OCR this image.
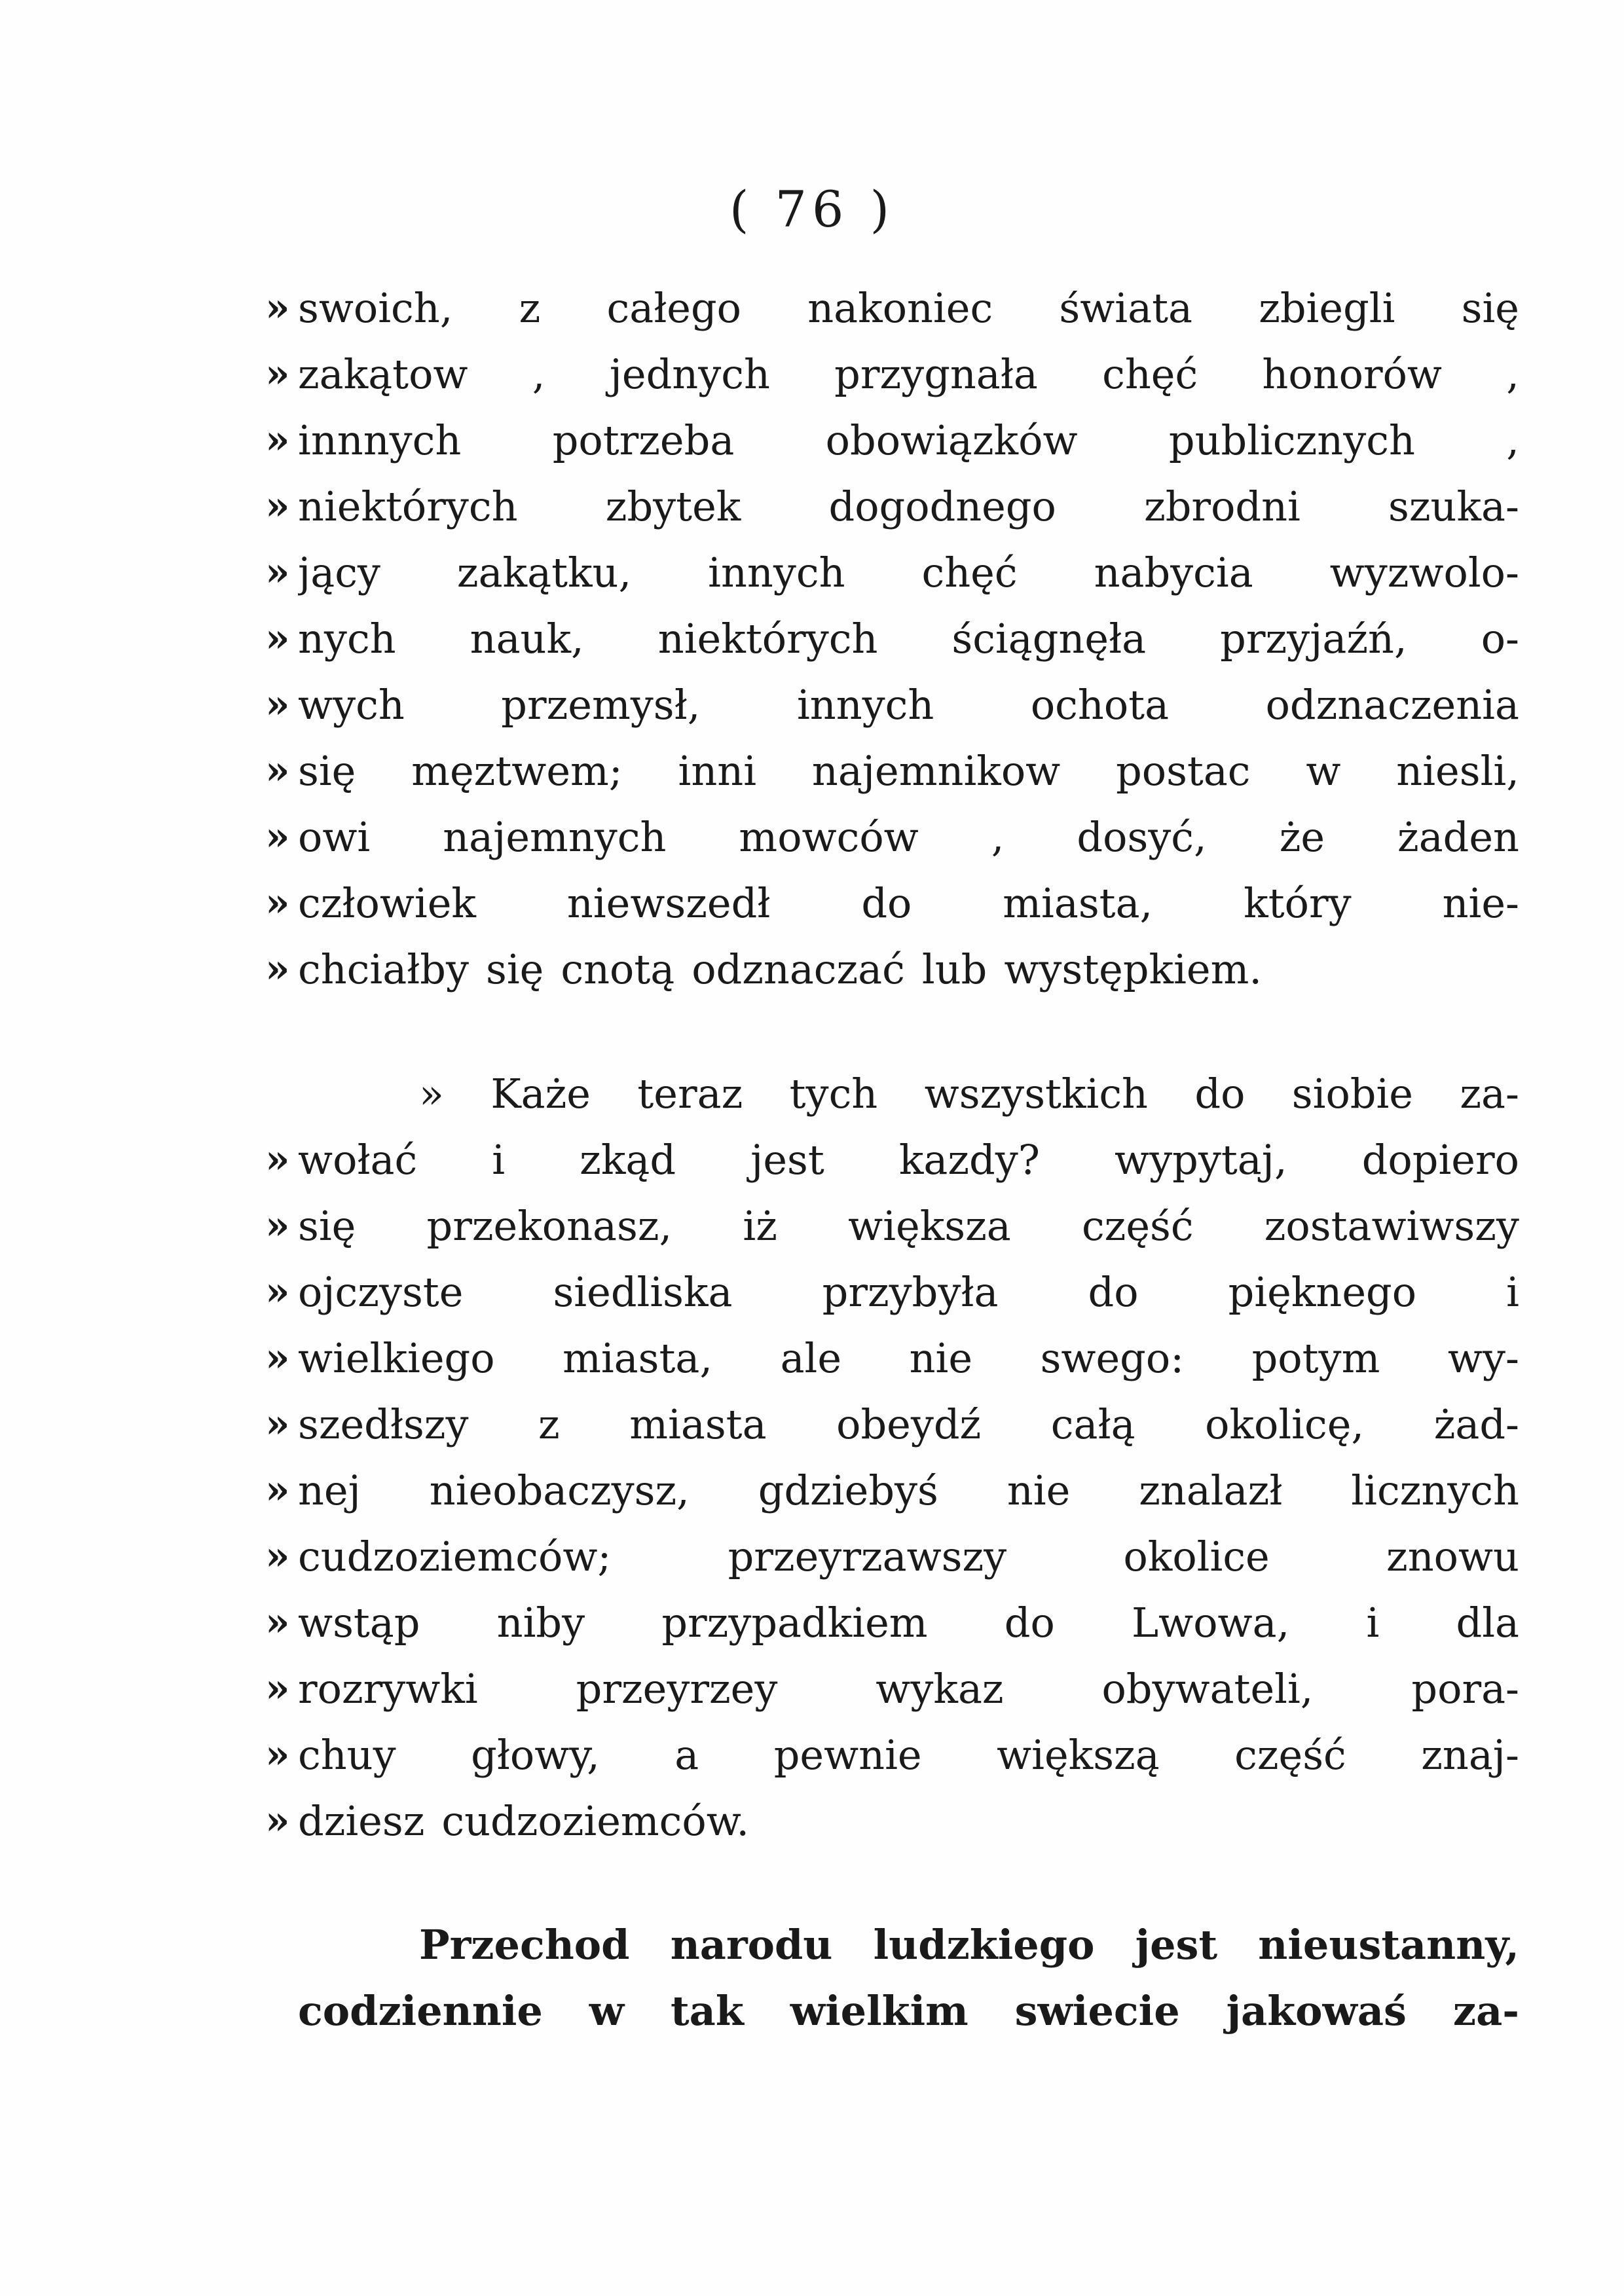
( 76 )
» swoich, z całego nakoniec świata zbiegli się
» zakątow , jednych przygnała chęć honorów ,
» innnych potrzeba obowiązków publicznych ,
» niektórych zbytek dogodnego zbrodni szuka-
» jący zakątku, innych chęć nabycia wyzwolo-
» nych nauk, niektórych ściągnęła przyjaźń, o-
» wych przemysł, innych ochota odznaczenia
» się męztwem; inni najemnikow postac w niesli,
» owi najemnych mowców , dosyć, że żaden
» człowiek niewszedł do miasta, który nie-
» chciałby się cnotą odznaczać lub występkiem.
» Każe teraz tych wszystkich do siobie za-
» wołać i zkąd jest kazdy? wypytaj, dopiero
» się przekonasz, iż większa część zostawiwszy
» ojczyste siedliska przybyła do pięknego i
» wielkiego miasta, ale nie swego: potym wy-
» szedłszy z miasta obeydź całą okolicę, żad-
» nej nieobaczysz, gdziebyś nie znalazł licznych
» cudzoziemców;	przeyrzawszy	okolice	znowu
» wstąp niby przypadkiem do Lwowa, i dla
» rozrywki przeyrzey wykaz obywateli, pora-
» chuy głowy, a pewnie większą część znaj-
» dziesz cudzoziemców.
Przechod narodu ludzkiego jest nieustanny,
codziennie w tak wielkim swiecie jakowaś za-
